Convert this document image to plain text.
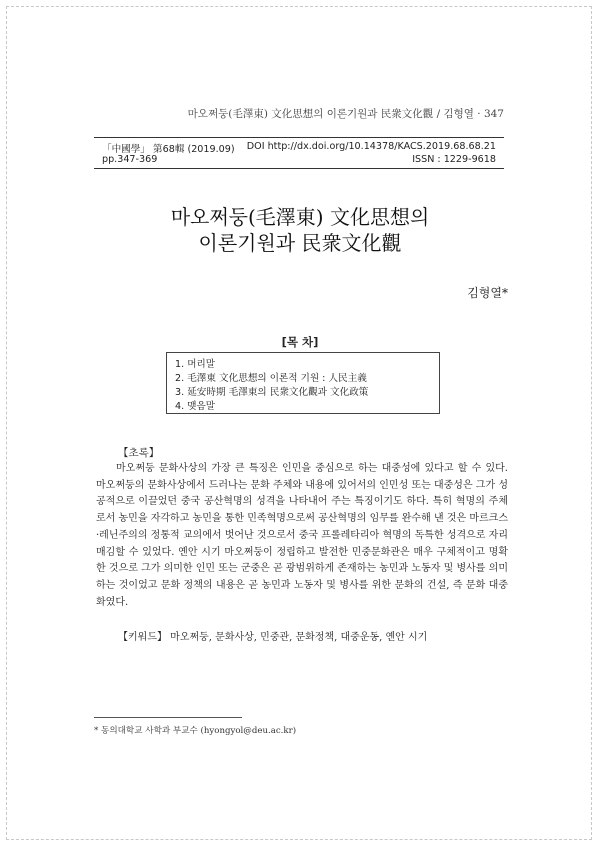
마오쩌둥(毛澤東) 文化思想의 이론기원과 民衆文化觀 / 김형열 · 347
「中國學」 第68輯 (2019.09) DOI http://dx.doi.org/10.14378/KACS.2019.68.68.21
pp.347-369	ISSN : 1229-9618
마오쩌둥(毛澤東) 文化思想의
이론기원과 民衆文化觀
김형열*
[목 차]
1. 머리말
2. 毛澤東 文化思想의 이론적 기원 : 人民主義
3. 延安時期 毛澤東의 民衆文化觀과 文化政策
4. 맺음말
【초록】

마오쩌둥 문화사상의 가장 큰 특징은 인민을 중심으로 하는 대중성에 있다고 할 수 있다. 마오쩌둥의 문화사상에서 드러나는 문화 주체와 내용에 있어서의 인민성 또는 대중성은 그가 성공적으로 이끌었던 중국 공산혁명의 성격을 나타내어 주는 특징이기도 하다. 특히 혁명의 주체로서 농민을 자각하고 농민을 통한 민족혁명으로써 공산혁명의 임무를 완수해 낸 것은 마르크스·레닌주의의 정통적 교의에서 벗어난 것으로서 중국 프롤레타리아 혁명의 독특한 성격으로 자리매김할 수 있었다. 옌안 시기 마오쩌둥이 정립하고 발전한 민중문화관은 매우 구체적이고 명확한 것으로 그가 의미한 인민 또는 군중은 곧 광범위하게 존재하는 농민과 노동자 및 병사를 의미하는 것이었고 문화 정책의 내용은 곧 농민과 노동자 및 병사를 위한 문화의 건설, 즉 문화 대중화였다.

【키워드】 마오쩌둥, 문화사상, 민중관, 문화정책, 대중운동, 옌안 시기
* 동의대학교 사학과 부교수 (hyongyol@deu.ac.kr)
